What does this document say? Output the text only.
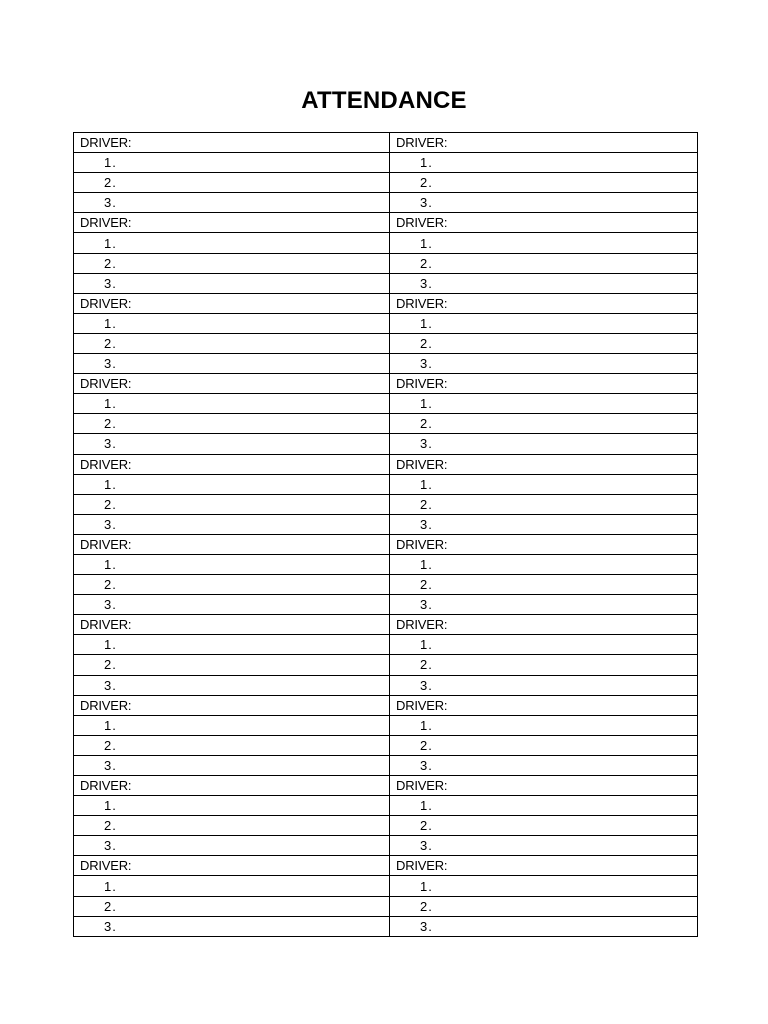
ATTENDANCE
DRIVER:	DRIVER:
1.	1.
2.	2.
3.	3.
DRIVER:	DRIVER:
1.	1.
2.	2.
3.	3.
DRIVER:	DRIVER:
1.	1.
2.	2.
3.	3.
DRIVER:	DRIVER:
1.	1.
2.	2.
3.	3.
DRIVER:	DRIVER:
1.	1.
2.	2.
3.	3.
DRIVER:	DRIVER:
1.	1.
2.	2.
3.	3.
DRIVER:	DRIVER:
1.	1.
2.	2.
3.	3.
DRIVER:	DRIVER:
1.	1.
2.	2.
3.	3.
DRIVER:	DRIVER:
1.	1.
2.	2.
3.	3.
DRIVER:	DRIVER:
1.	1.
2.	2.
3.	3.
